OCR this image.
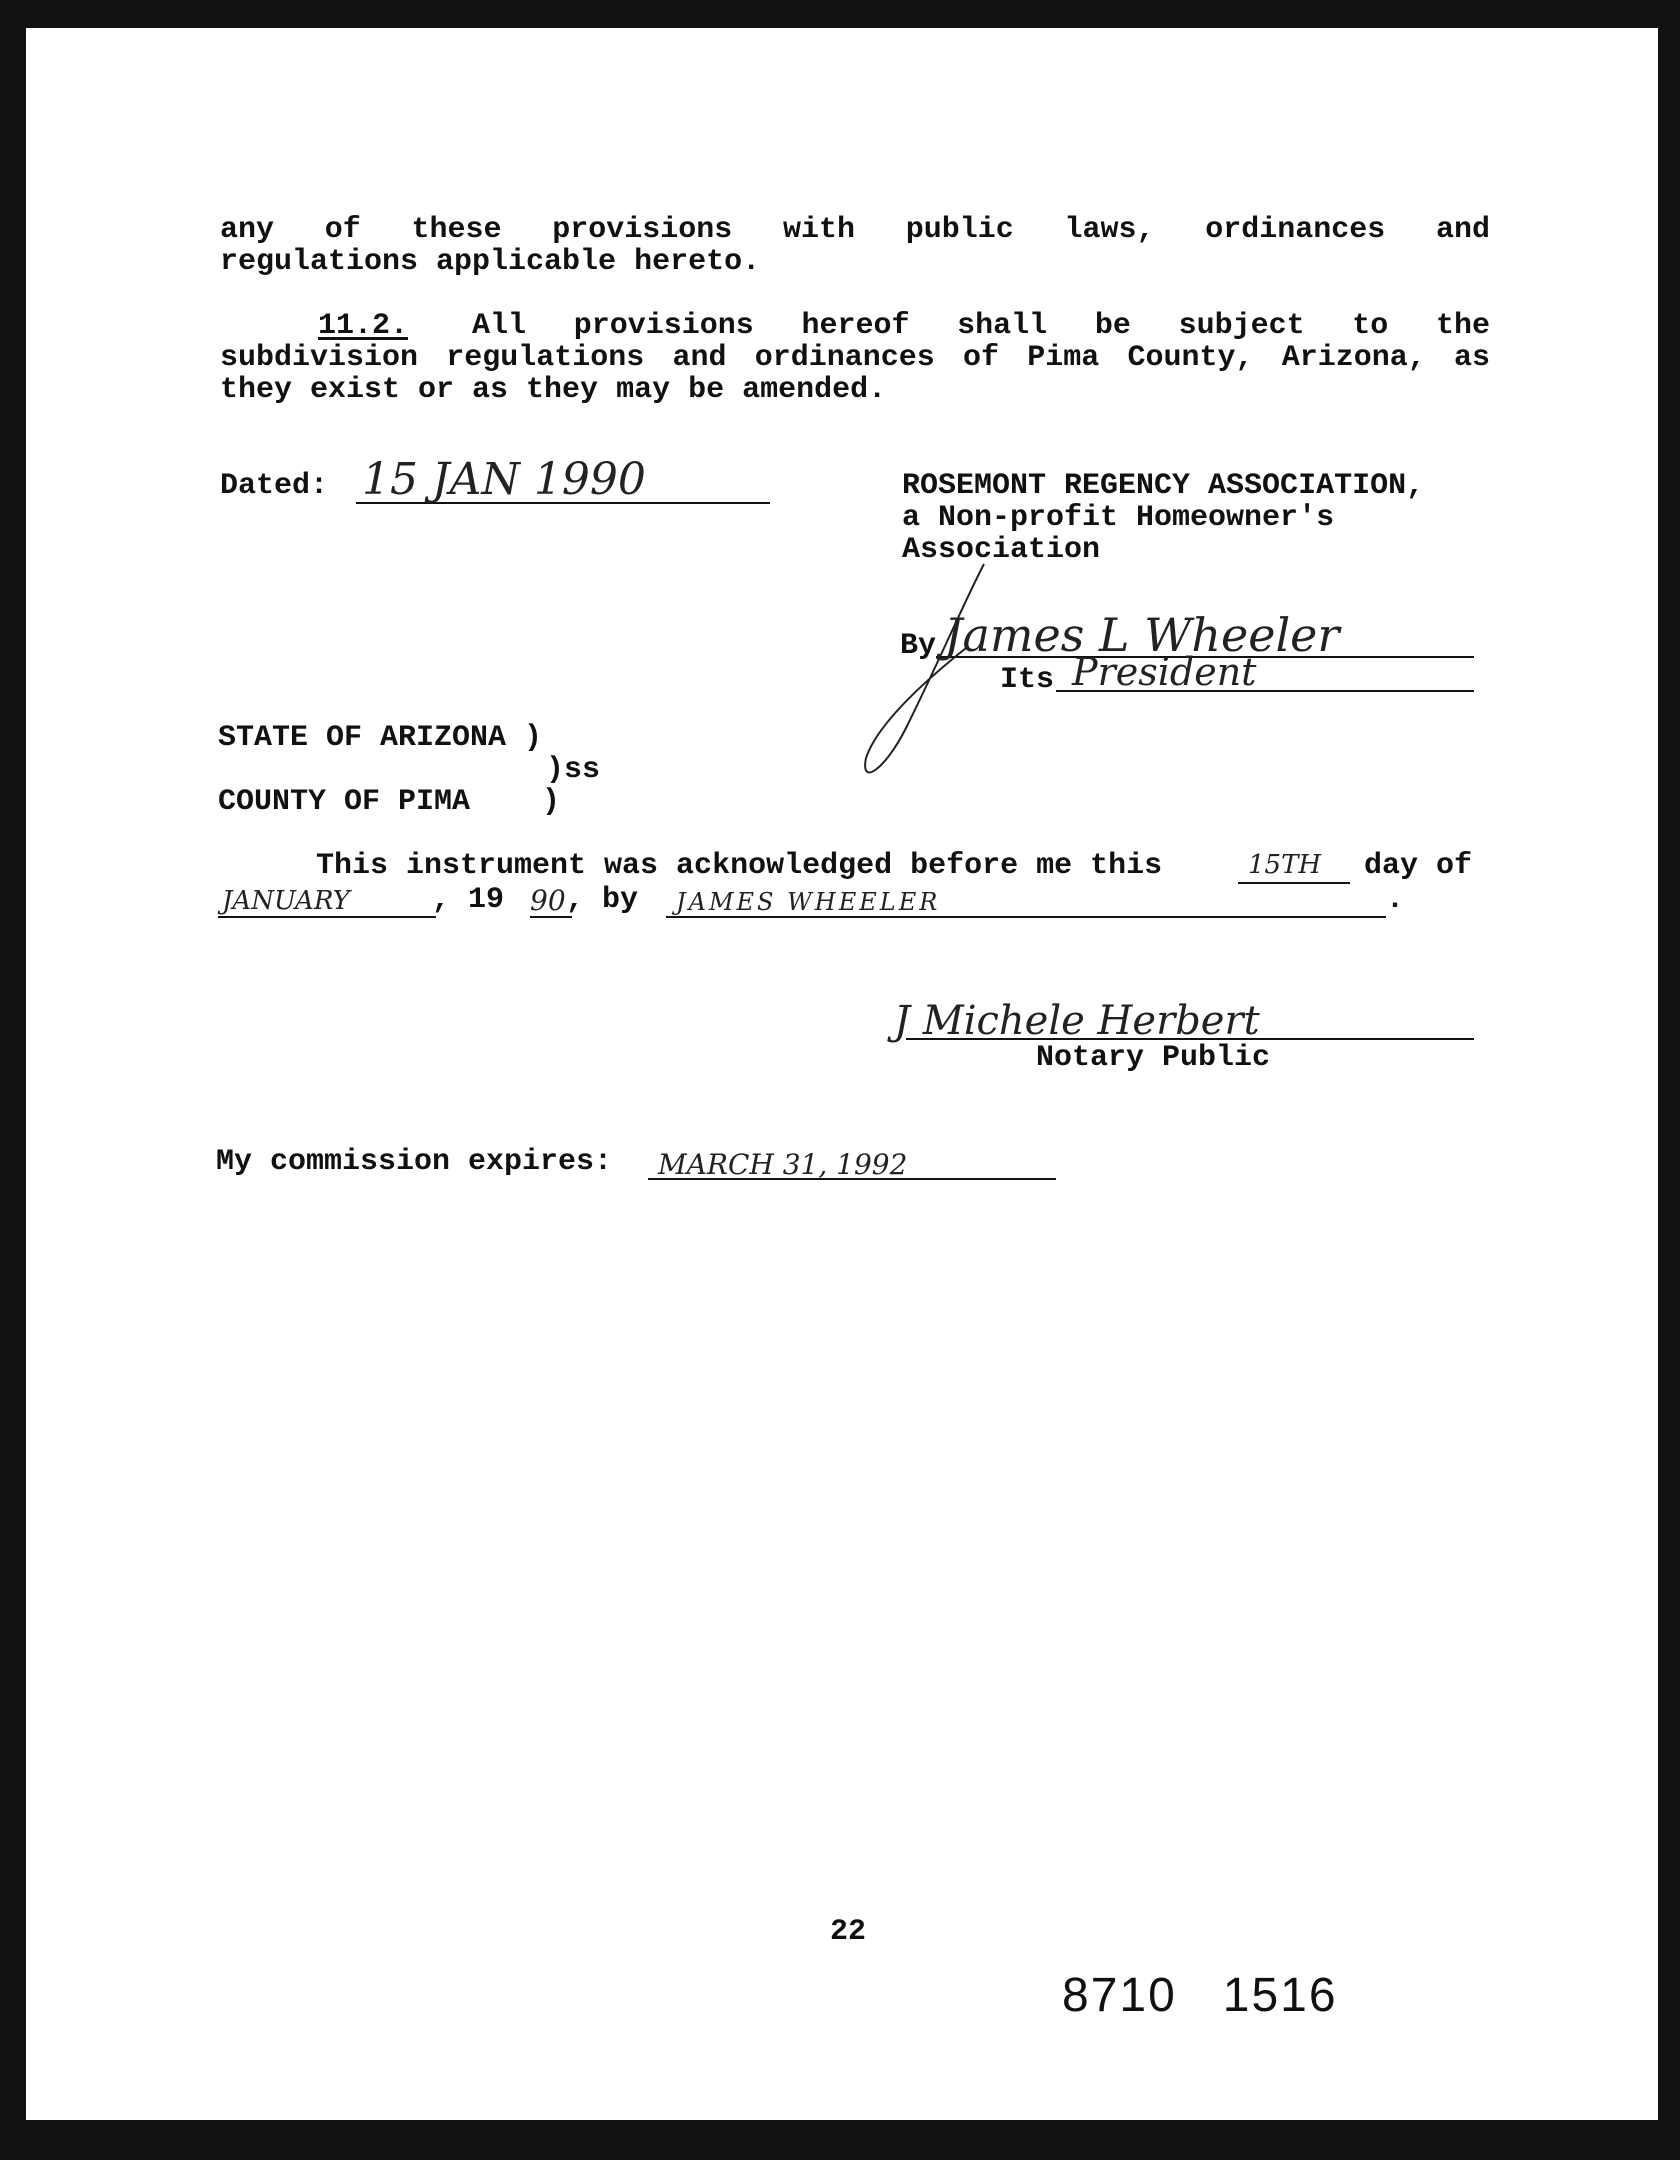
any of these provisions with public laws, ordinances and
regulations applicable hereto.
11.2. All provisions hereof shall be subject to the
subdivision regulations and ordinances of Pima County, Arizona, as
they exist or as they may be amended.
Dated: 15 JAN 1990	ROSEMONT REGENCY ASSOCIATION,
a Non-profit Homeowner's
Association
By James L Wheeler
Its President
STATE OF ARIZONA )
)ss
COUNTY OF PIMA    )
This instrument was acknowledged before me this	15TH day of
JANUARY	, 19 90 , by JAMES WHEELER	.
J Michele Herbert
Notary Public
My commission expires: MARCH 31, 1992
22
8710   1516
